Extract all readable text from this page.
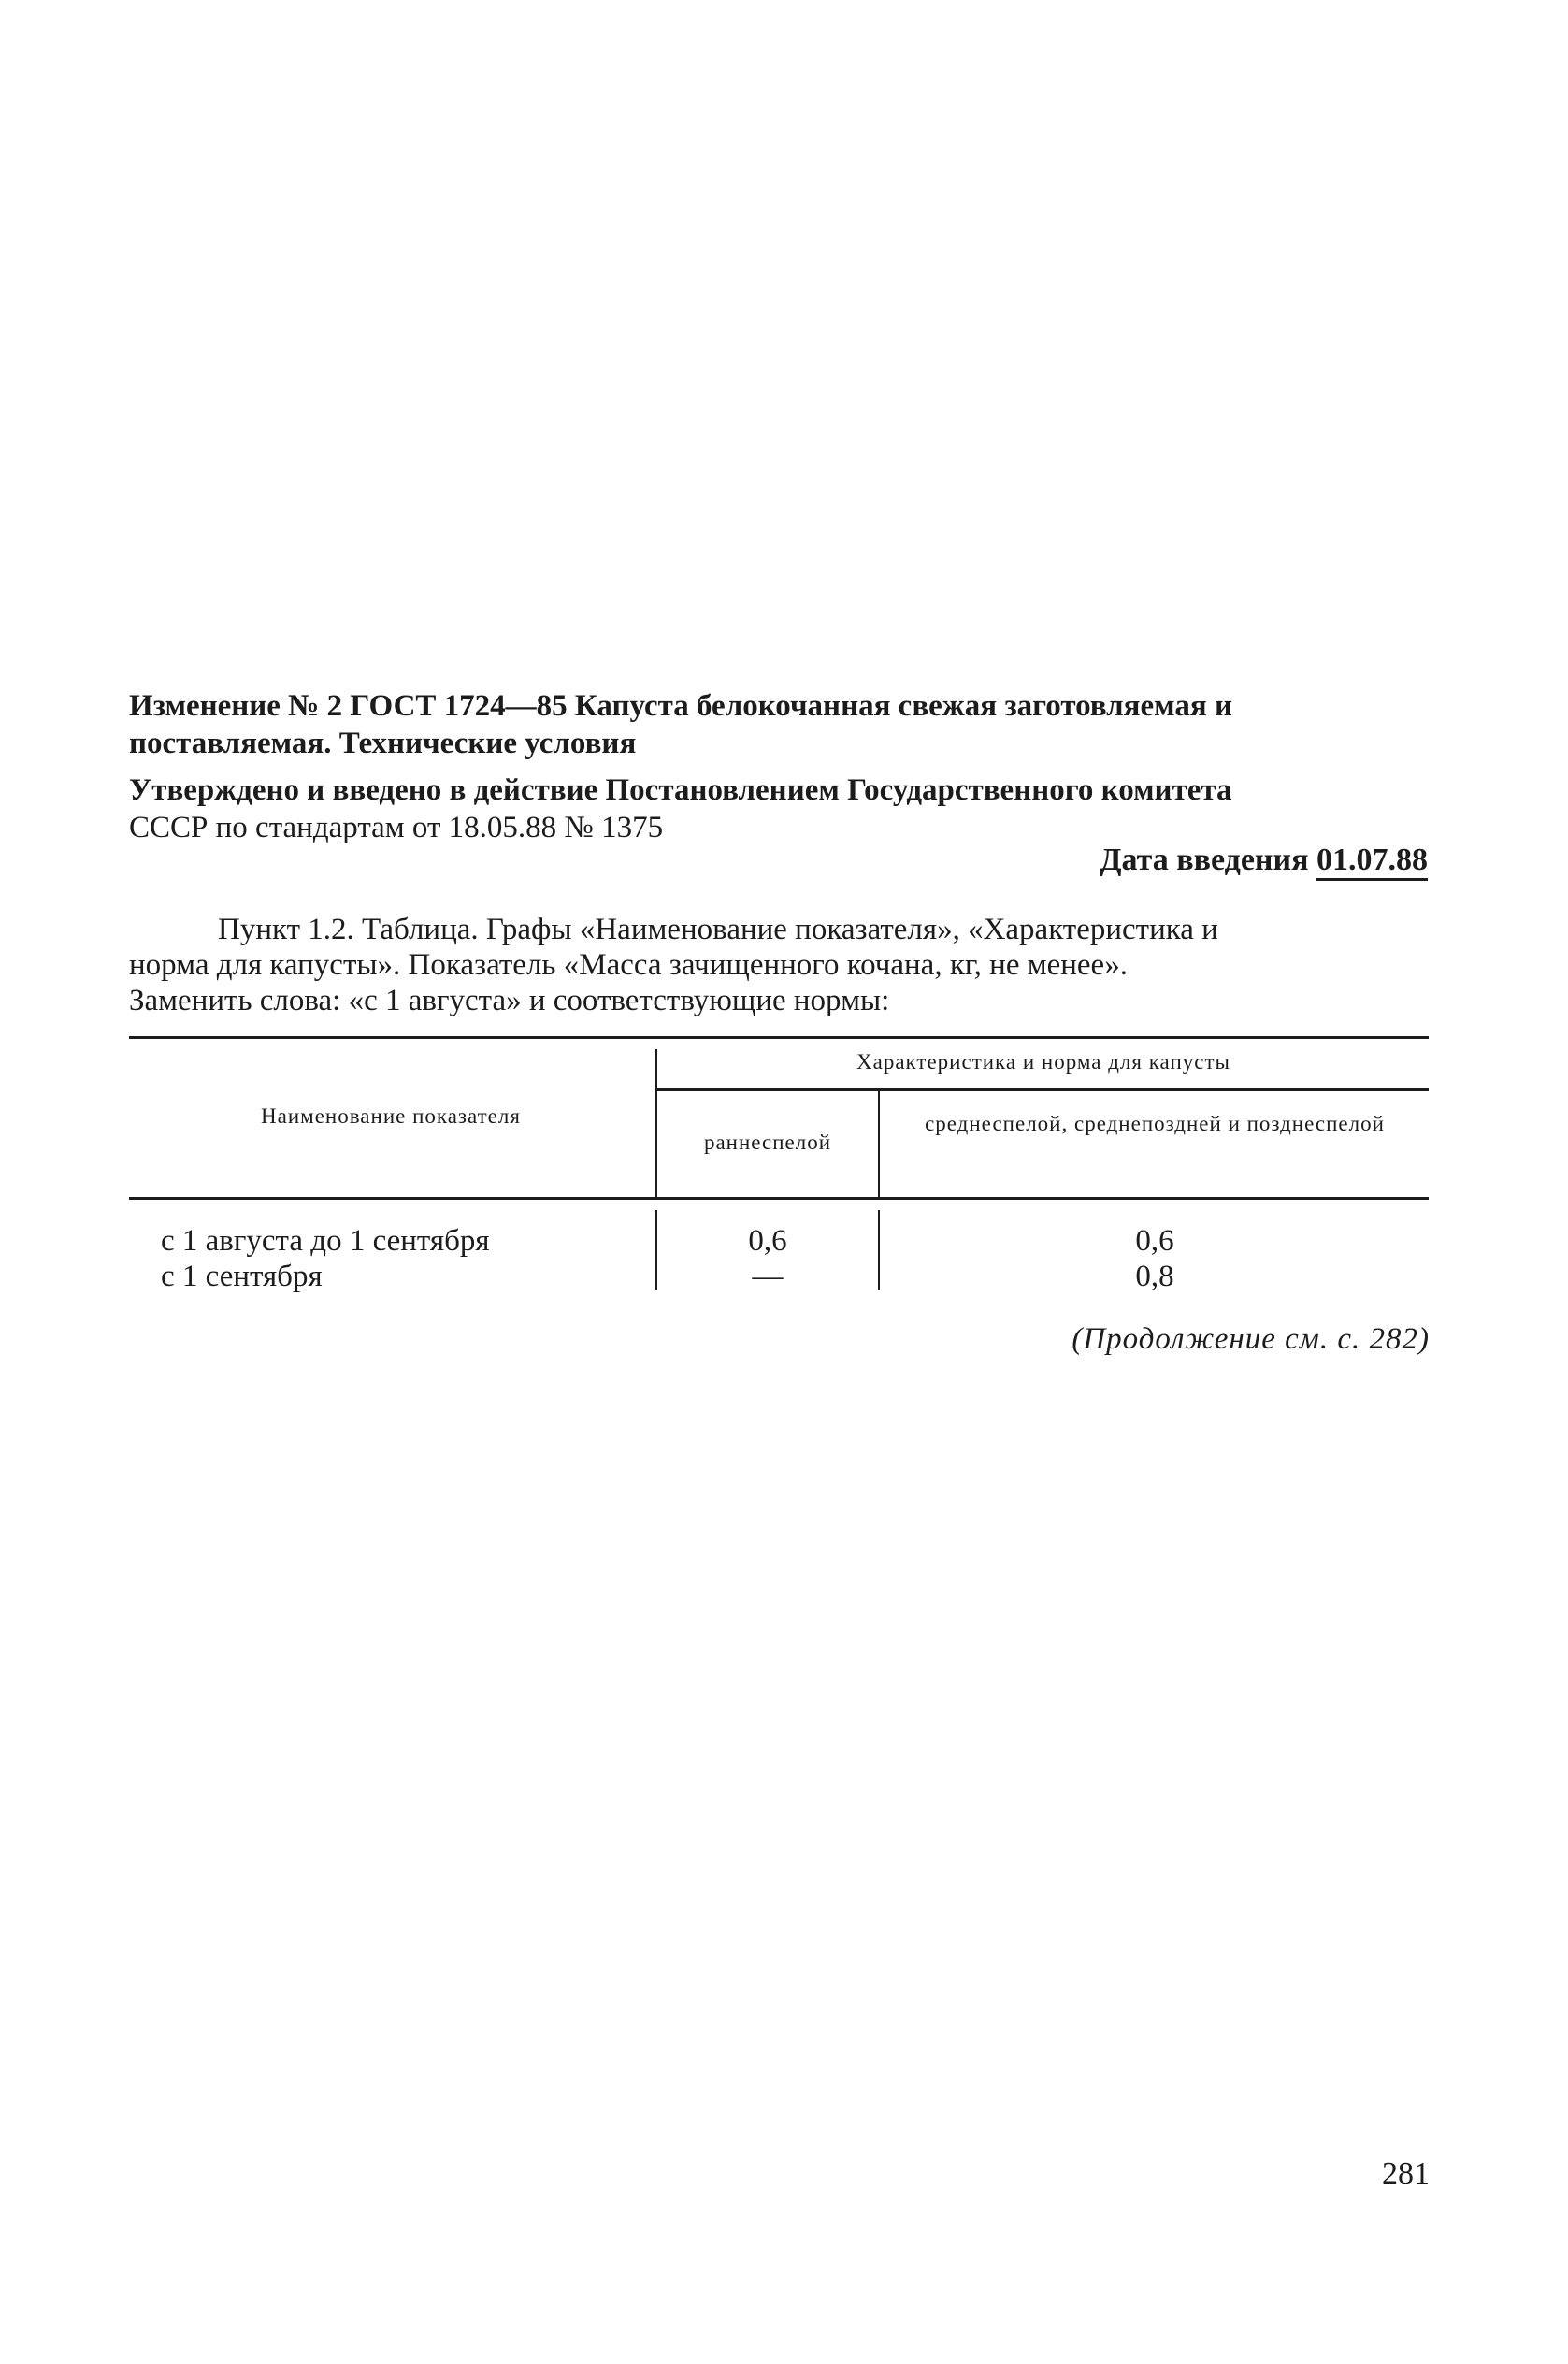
Изменение № 2 ГОСТ 1724—85 Капуста белокочанная свежая заготовляемая и
поставляемая. Технические условия
Утверждено и введено в действие Постановлением Государственного комитета
СССР по стандартам от 18.05.88 № 1375
Дата введения 01.07.88
Пункт 1.2. Таблица. Графы «Наименование показателя», «Характеристика и
норма для капусты». Показатель «Масса зачищенного кочана, кг, не менее».
Заменить слова: «с 1 августа» и соответствующие нормы:
Наименование показателя
Характеристика и норма для капусты
раннеспелой
среднеспелой, среднепоздней и позднеспелой
с 1 августа до 1 сентября	0,6	0,6
с 1 сентября	—	0,8
(Продолжение см. с. 282)
281
